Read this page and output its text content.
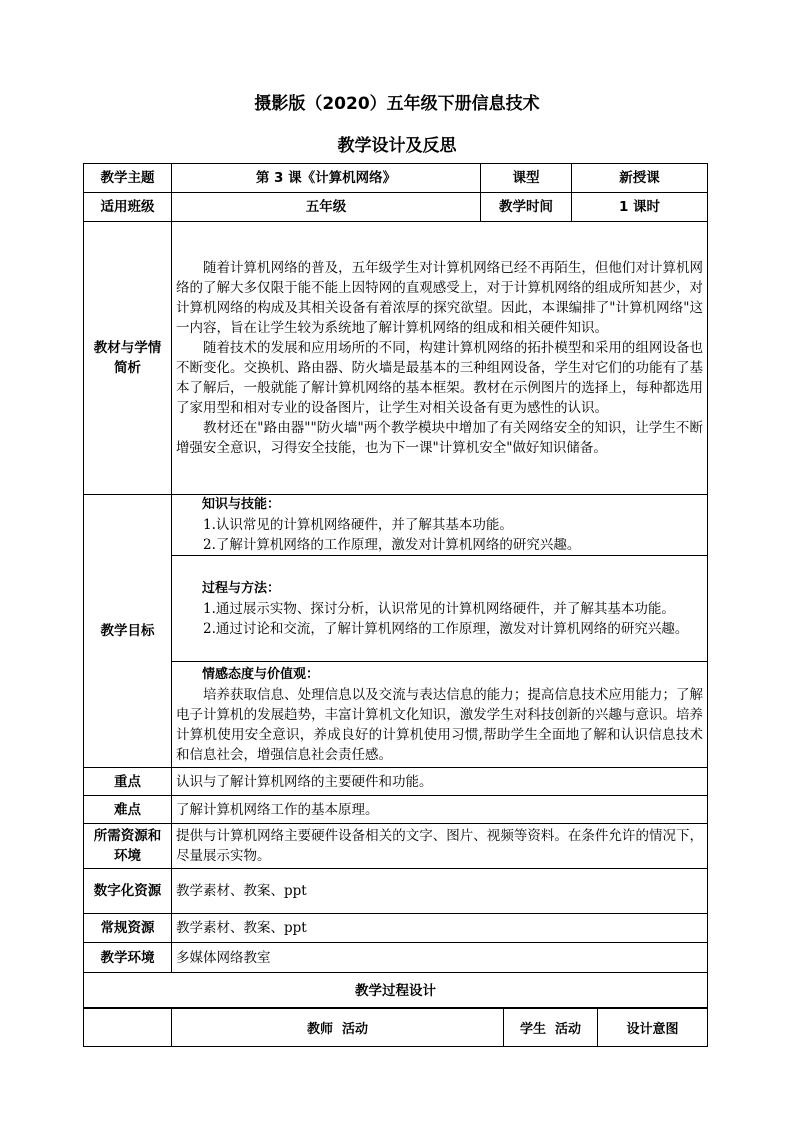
摄影版（2020）五年级下册信息技术
教学设计及反思
教学主题	第 3 课《计算机网络》	课型	新授课
适用班级	五年级	教学时间	1 课时
教材与学情简析	随着计算机网络的普及，五年级学生对计算机网络已经不再陌生，但他们对计算机网络的了解大多仅限于能不能上因特网的直观感受上，对于计算机网络的组成所知甚少，对计算机网络的构成及其相关设备有着浓厚的探究欲望。因此，本课编排了"计算机网络"这一内容，旨在让学生较为系统地了解计算机网络的组成和相关硬件知识。

随着技术的发展和应用场所的不同，构建计算机网络的拓扑模型和采用的组网设备也不断变化。交换机、路由器、防火墙是最基本的三种组网设备，学生对它们的功能有了基本了解后，一般就能了解计算机网络的基本框架。教材在示例图片的选择上，每种都选用了家用型和相对专业的设备图片，让学生对相关设备有更为感性的认识。

教材还在"路由器""防火墙"两个教学模块中增加了有关网络安全的知识，让学生不断增强安全意识，习得安全技能，也为下一课"计算机安全"做好知识储备。		

教学目标	知识与技能：

1.认识常见的计算机网络硬件，并了解其基本功能。

2.了解计算机网络的工作原理，激发对计算机网络的研究兴趣。		

	过程与方法：

1.通过展示实物、探讨分析，认识常见的计算机网络硬件，并了解其基本功能。

2.通过讨论和交流，了解计算机网络的工作原理，激发对计算机网络的研究兴趣。		

	情感态度与价值观：

培养获取信息、处理信息以及交流与表达信息的能力；提高信息技术应用能力；了解电子计算机的发展趋势，丰富计算机文化知识，激发学生对科技创新的兴趣与意识。培养计算机使用安全意识，养成良好的计算机使用习惯,帮助学生全面地了解和认识信息技术和信息社会，增强信息社会责任感。		

重点	认识与了解计算机网络的主要硬件和功能。		
难点	了解计算机网络工作的基本原理。		
所需资源和环境	提供与计算机网络主要硬件设备相关的文字、图片、视频等资料。在条件允许的情况下，尽量展示实物。		
数字化资源	教学素材、教案、ppt		
常规资源	教学素材、教案、ppt		
教学环境	多媒体网络教室		
教学过程设计			
	教师  活动	学生  活动	设计意图
